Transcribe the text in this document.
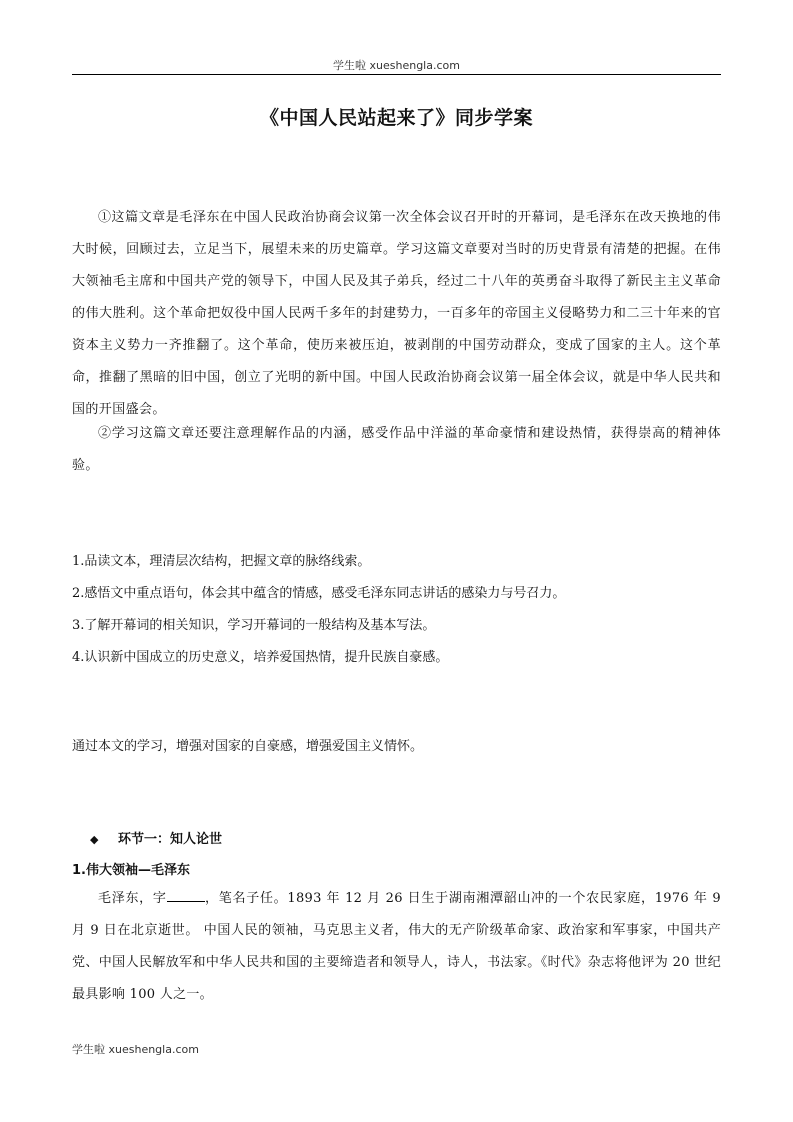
学生啦 xueshengla.com
《中国人民站起来了》同步学案

①这篇文章是毛泽东在中国人民政治协商会议第一次全体会议召开时的开幕词，是毛泽东在改天换地的伟大时候，回顾过去，立足当下，展望未来的历史篇章。学习这篇文章要对当时的历史背景有清楚的把握。在伟大领袖毛主席和中国共产党的领导下，中国人民及其子弟兵，经过二十八年的英勇奋斗取得了新民主主义革命的伟大胜利。这个革命把奴役中国人民两千多年的封建势力，一百多年的帝国主义侵略势力和二三十年来的官资本主义势力一齐推翻了。这个革命，使历来被压迫，被剥削的中国劳动群众，变成了国家的主人。这个革命，推翻了黑暗的旧中国，创立了光明的新中国。中国人民政治协商会议第一届全体会议，就是中华人民共和国的开国盛会。

②学习这篇文章还要注意理解作品的内涵，感受作品中洋溢的革命豪情和建设热情，获得崇高的精神体验。

1.品读文本，理清层次结构，把握文章的脉络线索。
2.感悟文中重点语句，体会其中蕴含的情感，感受毛泽东同志讲话的感染力与号召力。
3.了解开幕词的相关知识，学习开幕词的一般结构及基本写法。
4.认识新中国成立的历史意义，培养爱国热情，提升民族自豪感。
通过本文的学习，增强对国家的自豪感，增强爱国主义情怀。
◆ 环节一：知人论世
1.伟大领袖—毛泽东

毛泽东，字	，笔名子任。1893 年 12 月 26 日生于湖南湘潭韶山冲的一个农民家庭，1976 年 9 月 9 日在北京逝世。 中国人民的领袖，马克思主义者，伟大的无产阶级革命家、政治家和军事家，中国共产党、中国人民解放军和中华人民共和国的主要缔造者和领导人，诗人，书法家。《时代》杂志将他评为 20 世纪最具影响 100 人之一。

学生啦 xueshengla.com
